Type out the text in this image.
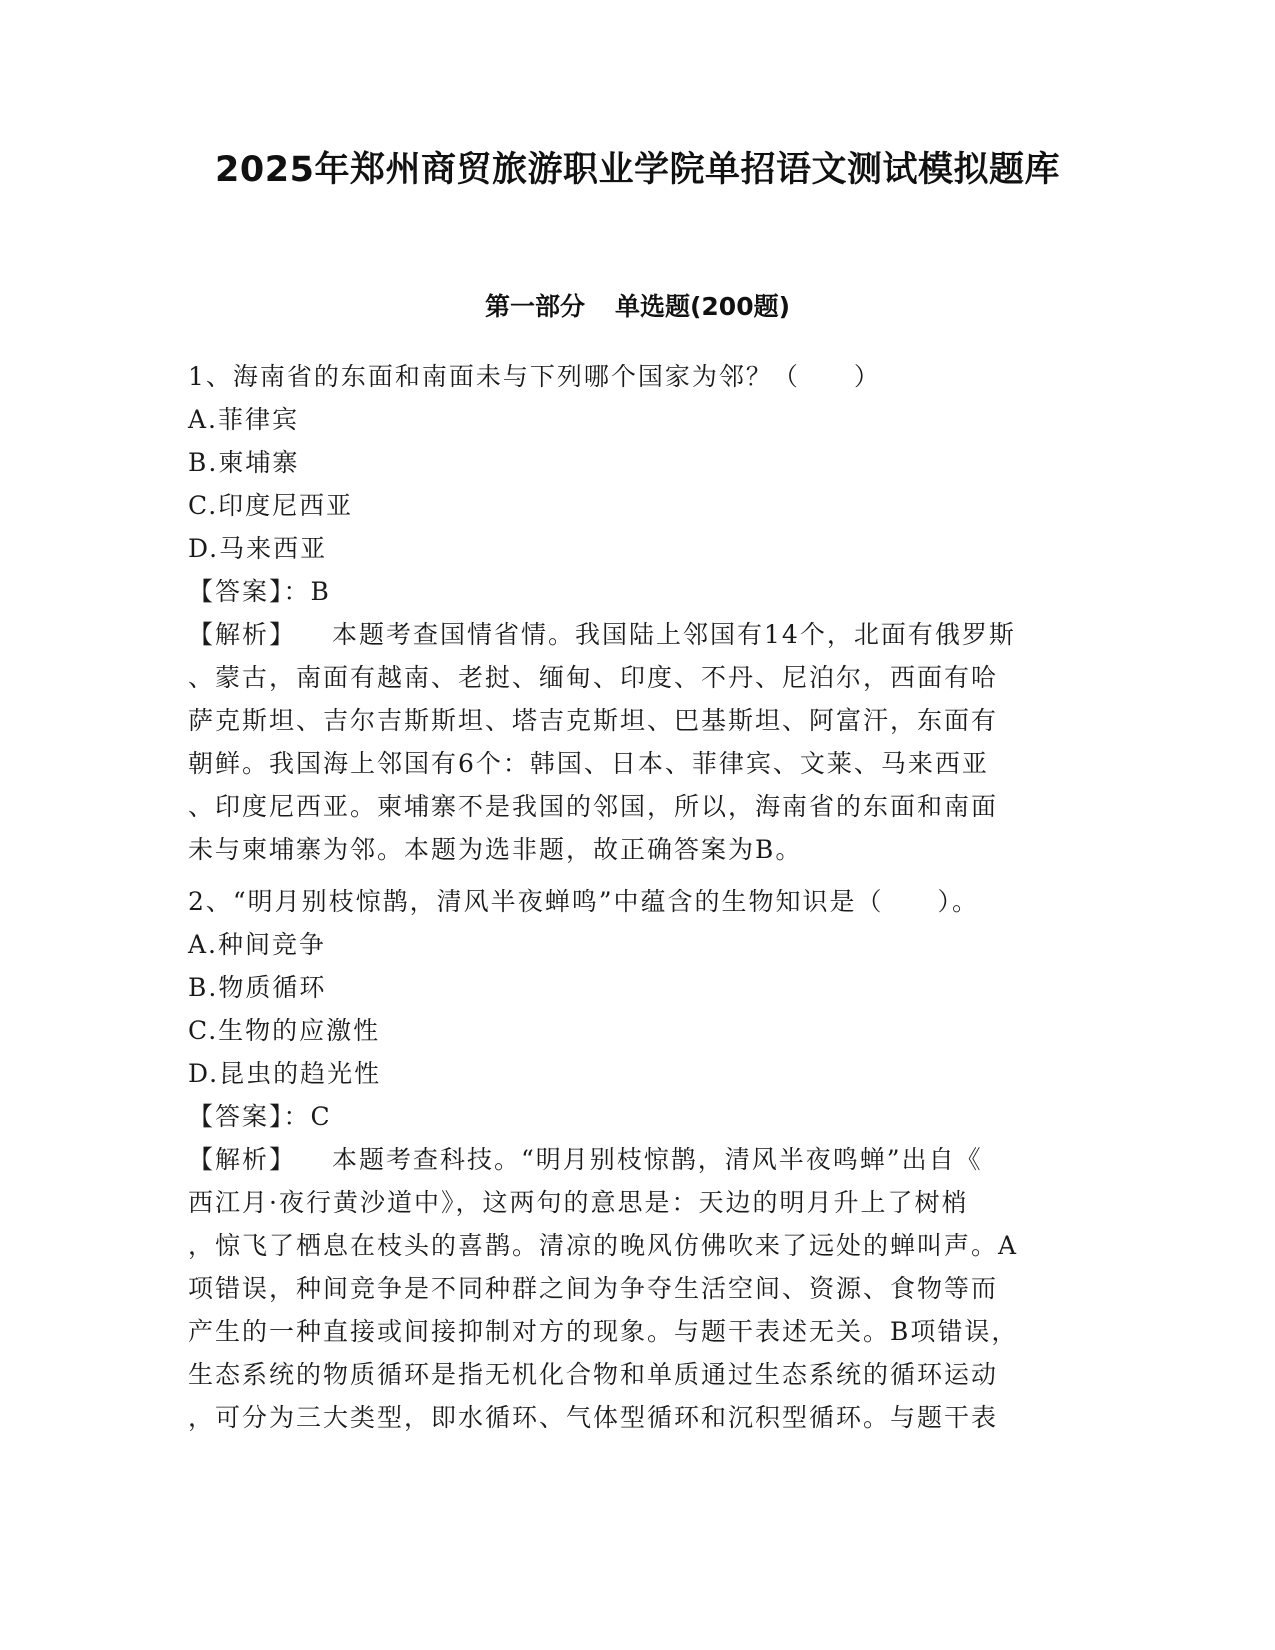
2025年郑州商贸旅游职业学院单招语文测试模拟题库
第一部分 单选题(200题)
1、海南省的东面和南面未与下列哪个国家为邻？（　　）
A.菲律宾
B.柬埔寨
C.印度尼西亚
D.马来西亚
【答案】：B
【解析】 本题考查国情省情。我国陆上邻国有14个，北面有俄罗斯
、蒙古，南面有越南、老挝、缅甸、印度、不丹、尼泊尔，西面有哈
萨克斯坦、吉尔吉斯斯坦、塔吉克斯坦、巴基斯坦、阿富汗，东面有
朝鲜。我国海上邻国有6个：韩国、日本、菲律宾、文莱、马来西亚
、印度尼西亚。柬埔寨不是我国的邻国，所以，海南省的东面和南面
未与柬埔寨为邻。本题为选非题，故正确答案为B。
2、“明月别枝惊鹊，清风半夜蝉鸣”中蕴含的生物知识是（　　）。
A.种间竞争
B.物质循环
C.生物的应激性
D.昆虫的趋光性
【答案】：C
【解析】 本题考查科技。“明月别枝惊鹊，清风半夜鸣蝉”出自《
西江月·夜行黄沙道中》，这两句的意思是：天边的明月升上了树梢
，惊飞了栖息在枝头的喜鹊。清凉的晚风仿佛吹来了远处的蝉叫声。A
项错误，种间竞争是不同种群之间为争夺生活空间、资源、食物等而
产生的一种直接或间接抑制对方的现象。与题干表述无关。B项错误，
生态系统的物质循环是指无机化合物和单质通过生态系统的循环运动
，可分为三大类型，即水循环、气体型循环和沉积型循环。与题干表
